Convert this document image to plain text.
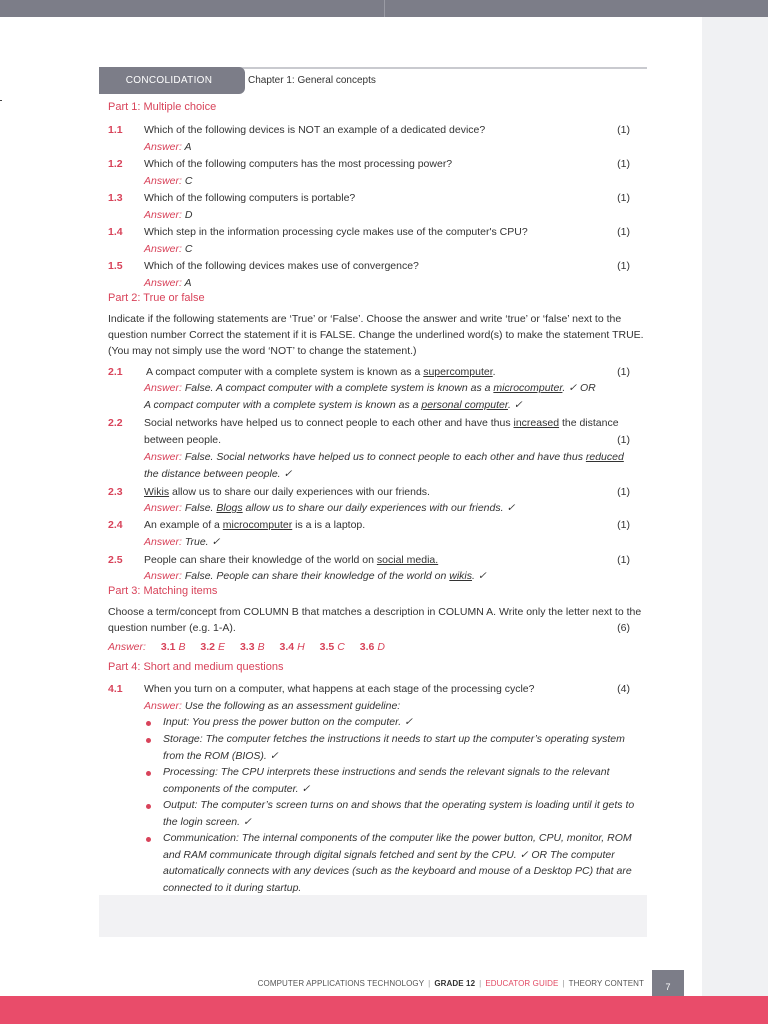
CONCOLIDATION	Chapter 1: General concepts
Part 1: Multiple choice
1.1 Which of the following devices is NOT an example of a dedicated device?	(1)
Answer: A
1.2 Which of the following computers has the most processing power?	(1)
Answer: C
1.3 Which of the following computers is portable?	(1)
Answer: D
1.4 Which step in the information processing cycle makes use of the computer's CPU?	(1)
Answer: C
1.5 Which of the following devices makes use of convergence?	(1)
Answer: A
Part 2: True or false
Indicate if the following statements are ‘True’ or ‘False’. Choose the answer and write ‘true’ or ‘false’ next to the
question number Correct the statement if it is FALSE. Change the underlined word(s) to make the statement TRUE.
(You may not simply use the word ‘NOT’ to change the statement.)
2.1 A compact computer with a complete system is known as a supercomputer.	(1)
Answer: False. A compact computer with a complete system is known as a microcomputer. ✓ OR
A compact computer with a complete system is known as a personal computer. ✓
2.2 Social networks have helped us to connect people to each other and have thus increased the distance
between people.	(1)
Answer: False. Social networks have helped us to connect people to each other and have thus reduced
the distance between people. ✓
2.3 Wikis allow us to share our daily experiences with our friends.	(1)
Answer: False. Blogs allow us to share our daily experiences with our friends. ✓
2.4 An example of a microcomputer is a is a laptop.	(1)
Answer: True. ✓
2.5 People can share their knowledge of the world on social media.	(1)
Answer: False. People can share their knowledge of the world on wikis. ✓
Part 3: Matching items
Choose a term/concept from COLUMN B that matches a description in COLUMN A. Write only the letter next to the
question number (e.g. 1-A).	(6)
Answer: 3.1 B 3.2 E 3.3 B 3.4 H 3.5 C 3.6 D
Part 4: Short and medium questions
4.1 When you turn on a computer, what happens at each stage of the processing cycle?	(4)
Answer: Use the following as an assessment guideline:
Input: You press the power button on the computer. ✓
Storage: The computer fetches the instructions it needs to start up the computer’s operating system
from the ROM (BIOS). ✓
Processing: The CPU interprets these instructions and sends the relevant signals to the relevant
components of the computer. ✓
Output: The computer’s screen turns on and shows that the operating system is loading until it gets to
the login screen. ✓
Communication: The internal components of the computer like the power button, CPU, monitor, ROM
and RAM communicate through digital signals fetched and sent by the CPU. ✓ OR The computer
automatically connects with any devices (such as the keyboard and mouse of a Desktop PC) that are
connected to it during startup.
COMPUTER APPLICATIONS TECHNOLOGY | GRADE 12 | EDUCATOR GUIDE | THEORY CONTENT	7
